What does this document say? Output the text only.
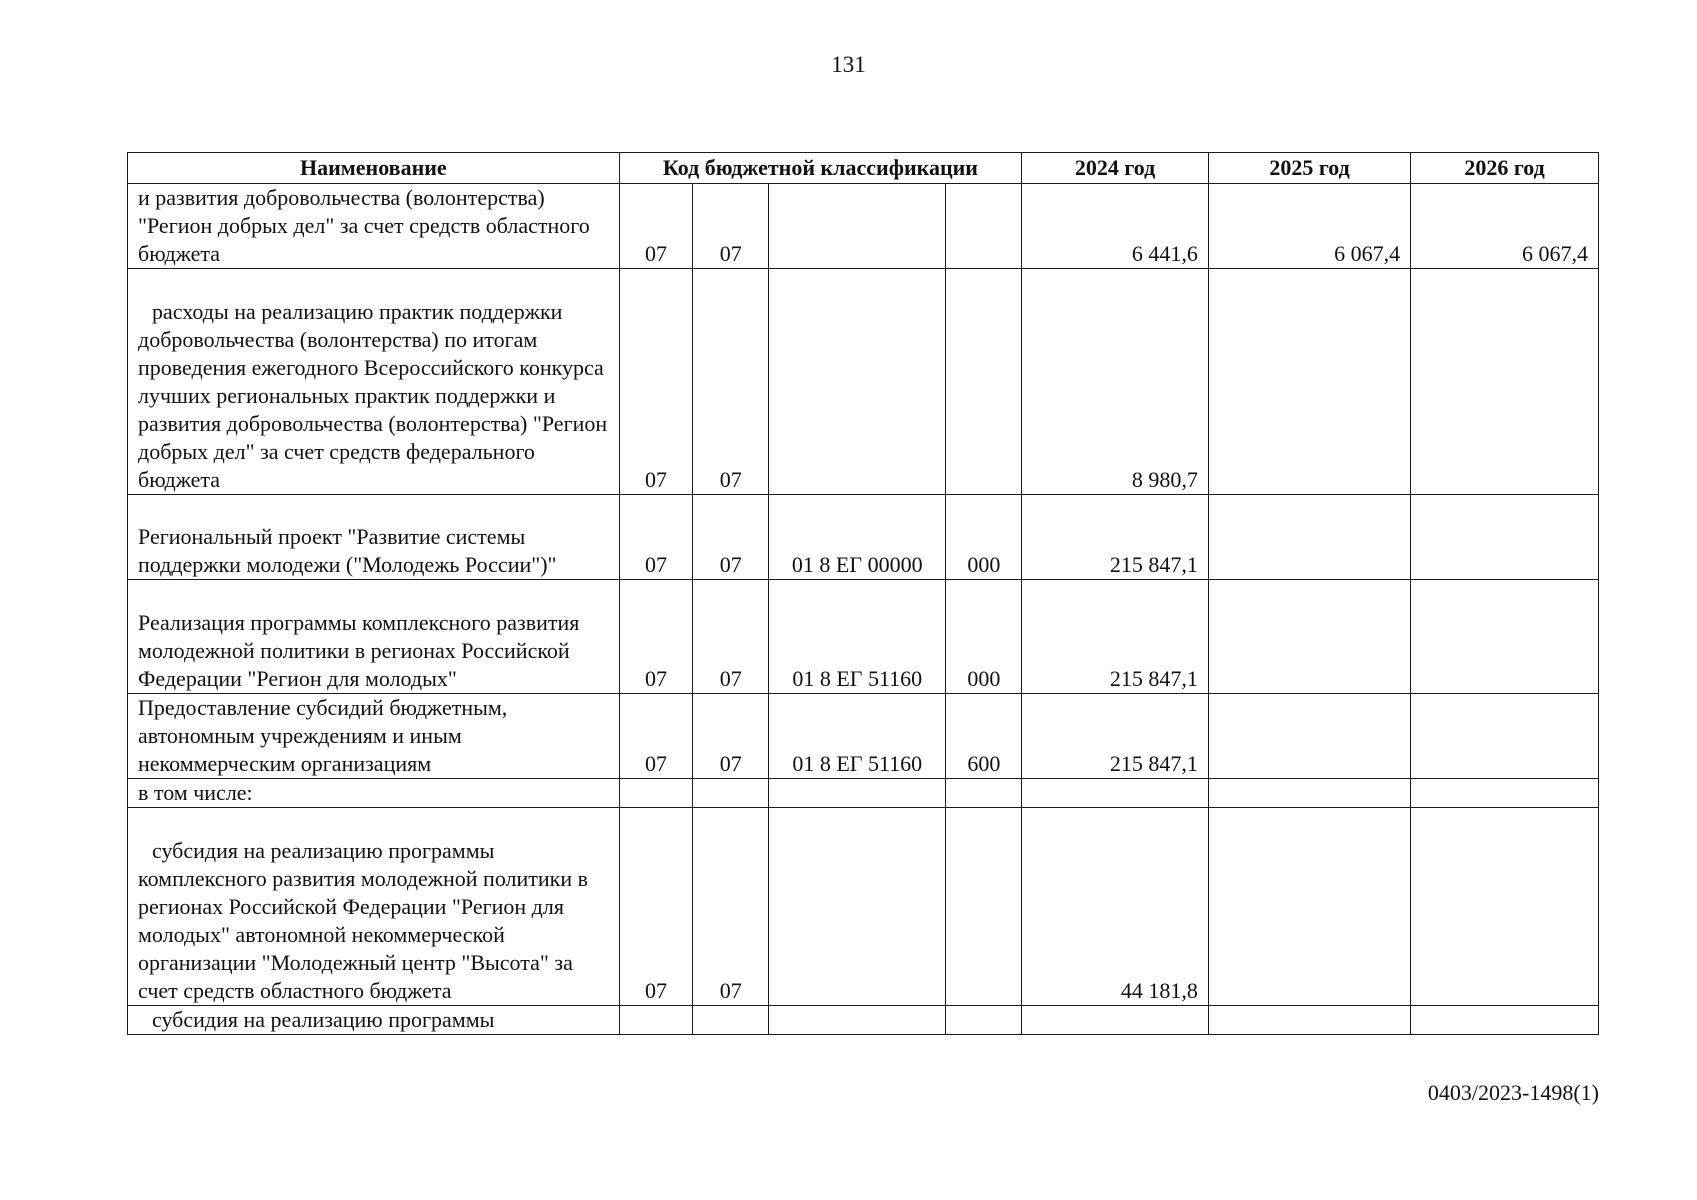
131
Наименование	Код бюджетной классификации				2024 год	2025 год	2026 год
и развития добровольчества (волонтерства) "Регион добрых дел" за счет средств областного бюджета	07	07			6 441,6	6 067,4	6 067,4
расходы на реализацию практик поддержки добровольчества (волонтерства) по итогам проведения ежегодного Всероссийского конкурса лучших региональных практик поддержки и развития добровольчества (волонтерства) "Регион добрых дел" за счет средств федерального бюджета	07	07			8 980,7		
Региональный проект "Развитие системы поддержки молодежи ("Молодежь России")"	07	07	01 8 ЕГ 00000	000	215 847,1		
Реализация программы комплексного развития молодежной политики в регионах Российской Федерации "Регион для молодых"	07	07	01 8 ЕГ 51160	000	215 847,1		
Предоставление субсидий бюджетным, автономным учреждениям и иным некоммерческим организациям	07	07	01 8 ЕГ 51160	600	215 847,1		
в том числе:							
субсидия на реализацию программы комплексного развития молодежной политики в регионах Российской Федерации "Регион для молодых" автономной некоммерческой организации "Молодежный центр "Высота" за счет средств областного бюджета	07	07			44 181,8		
субсидия на реализацию программы							
0403/2023-1498(1)
